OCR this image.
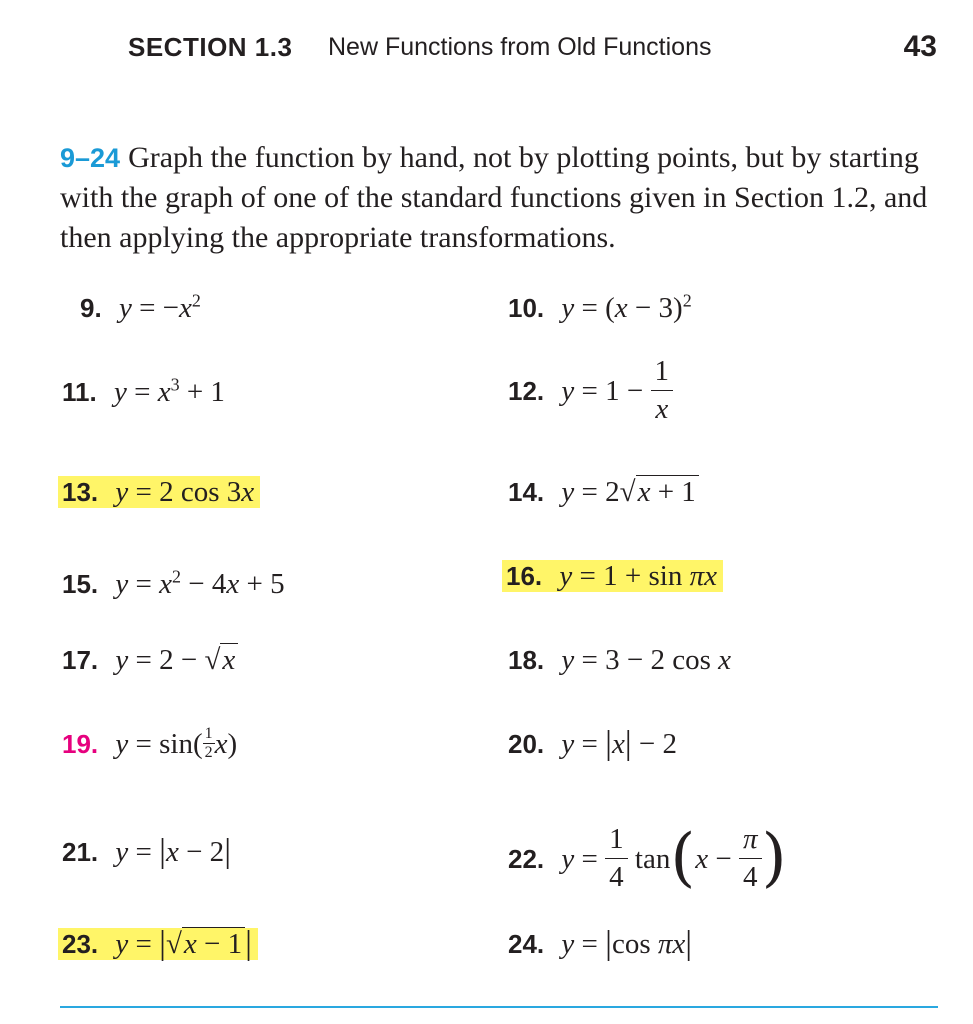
SECTION 1.3 New Functions from Old Functions	43
9–24 Graph the function by hand, not by plotting points, but by starting with the graph of one of the standard functions given in Section 1.2, and then applying the appropriate transformations.
9. $y = -x^2$	10. $y = (x - 3)^2$
11. $y = x^3 + 1$	12. $y = 1 - \frac{1}{x}$
13. y = 2 cos 3x	14. y = 2√x + 1
15. $y = x^2 - 4x + 5$	16. y = 1 + sin πx
17. y = 2 − √x	18. y = 3 − 2 cos x
19. $y = \sin( \frac{1}{2} x)$	20. y = |x| − 2
21. y = |x − 2|	22. $y = \frac{1}{4} \tan(x - \frac{\pi}{4}$ )
23. y = |√x − 1|	24. y = |cos πx|
